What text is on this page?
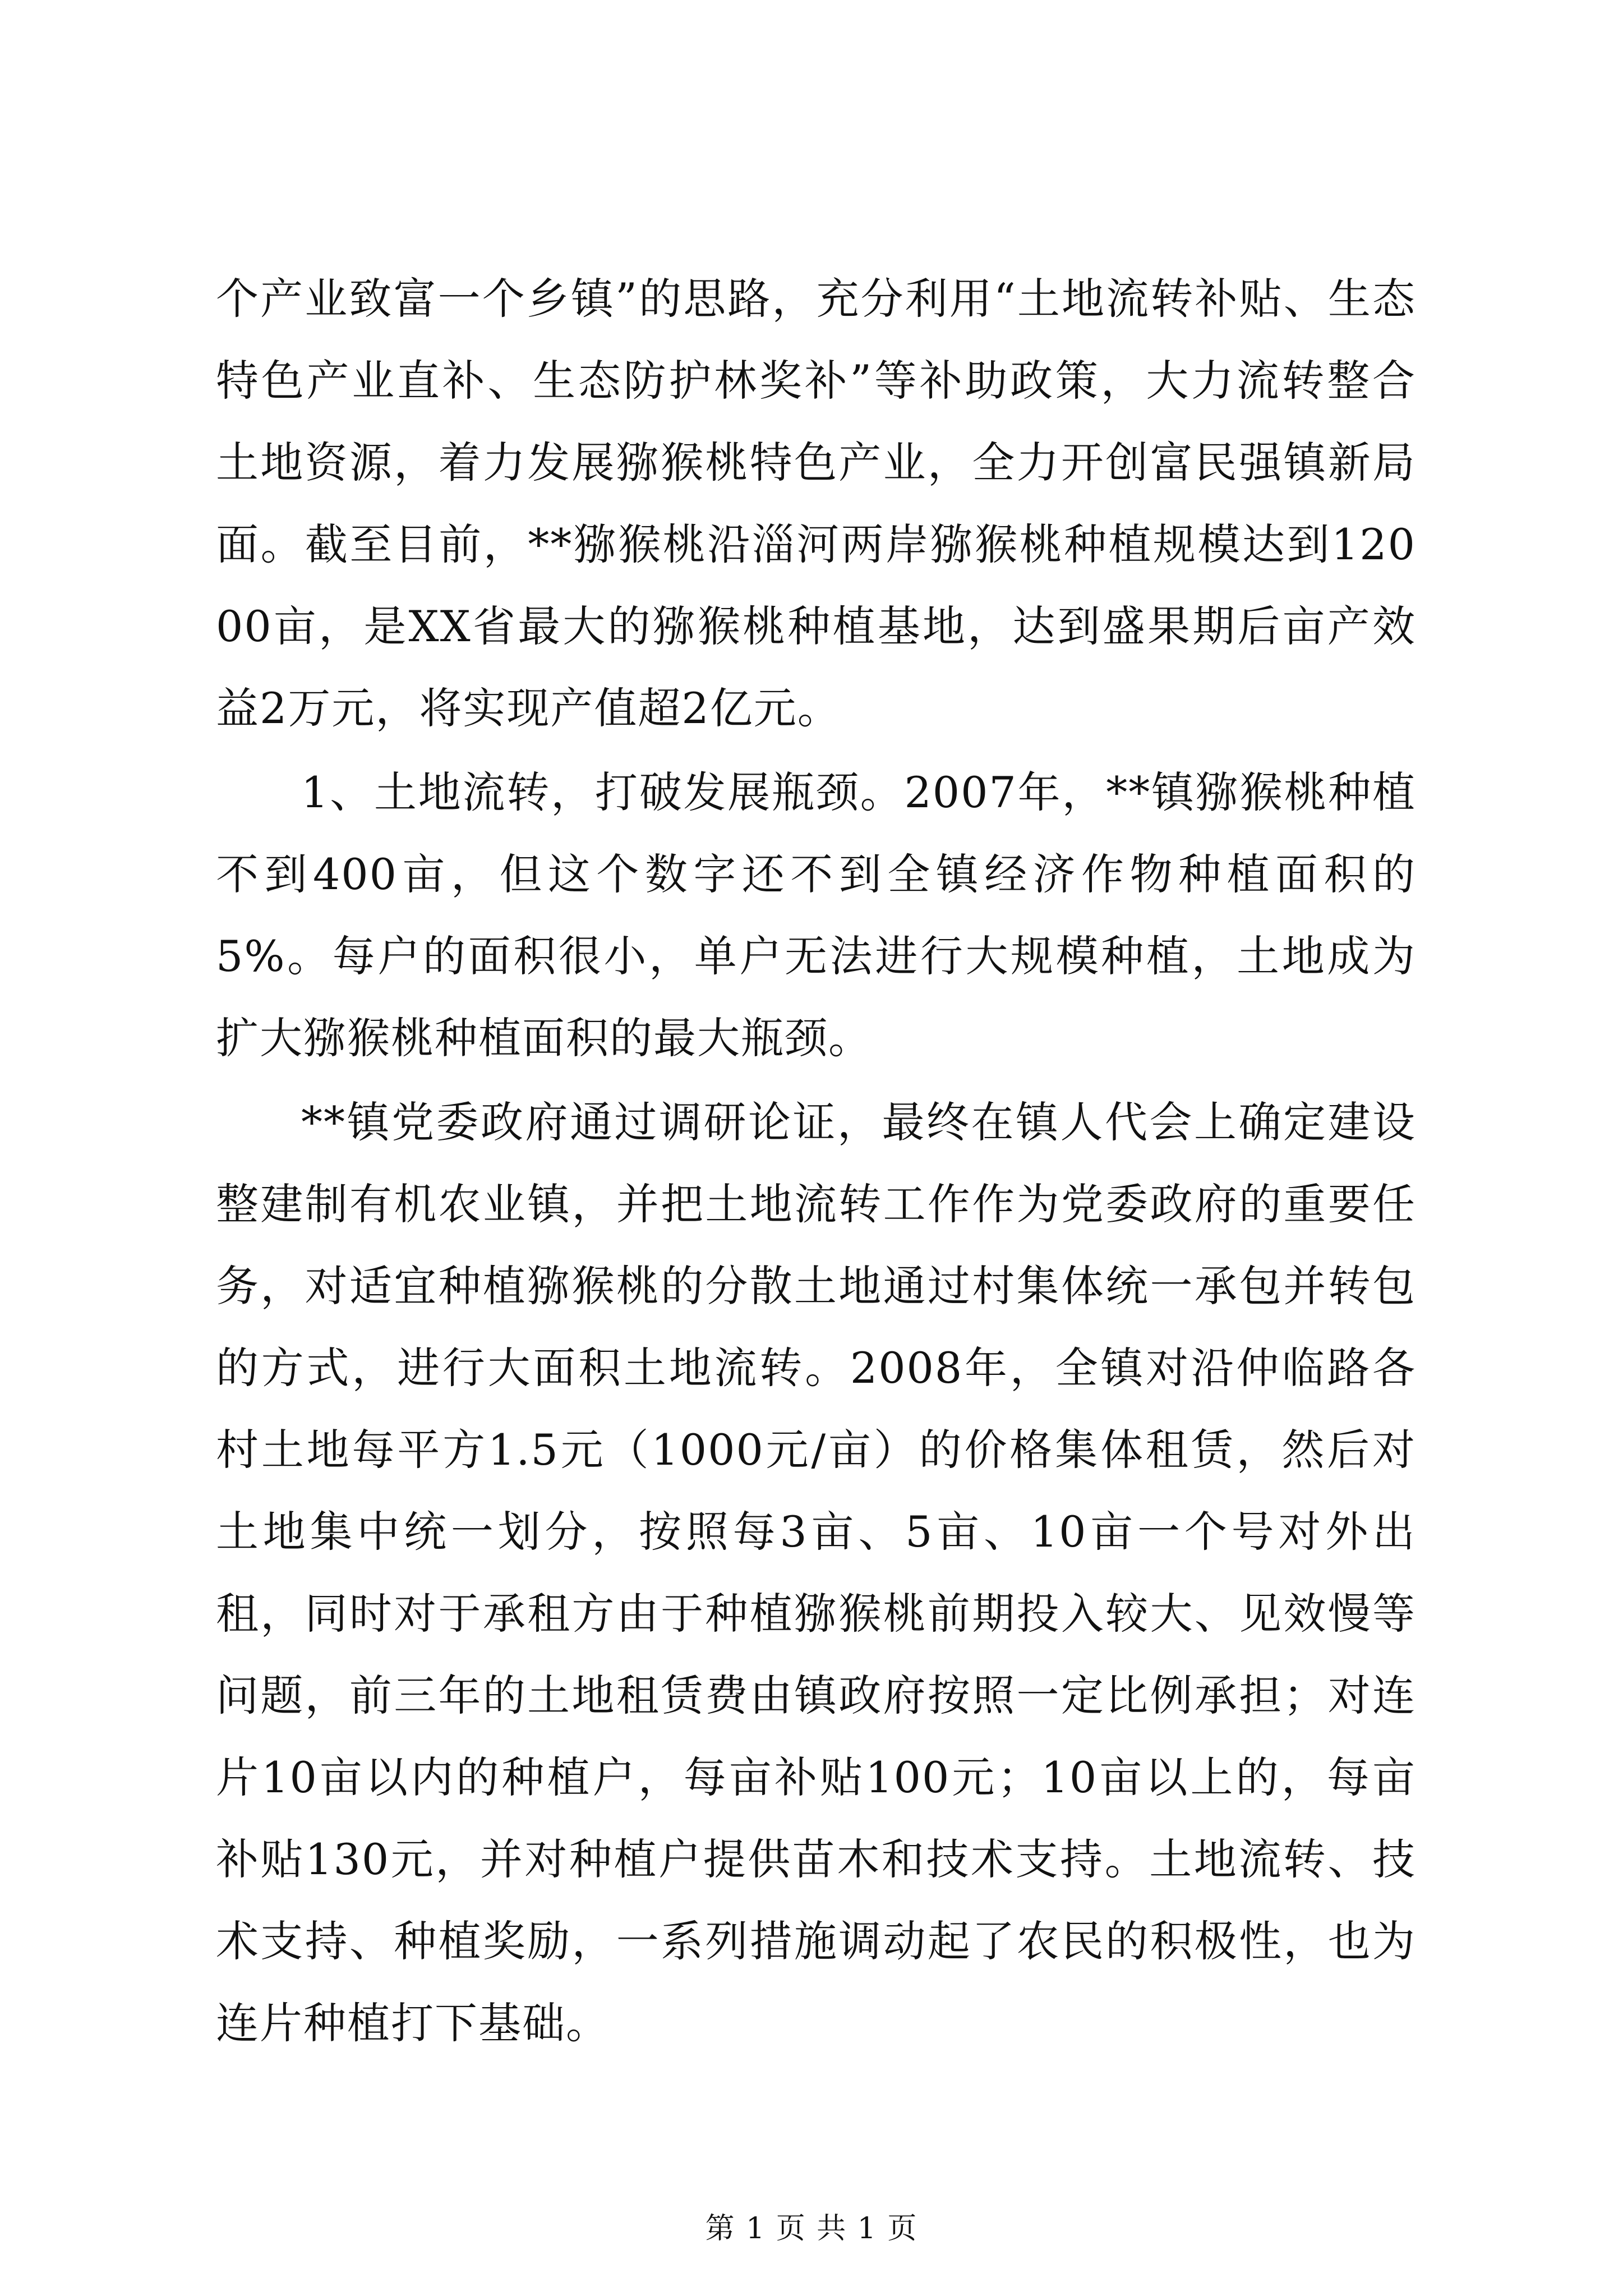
个产业致富一个乡镇”的思路，充分利用“土地流转补贴、生态特色产业直补、生态防护林奖补”等补助政策，大力流转整合土地资源，着力发展猕猴桃特色产业，全力开创富民强镇新局面。截至目前，**猕猴桃沿淄河两岸猕猴桃种植规模达到12000亩，是XX省最大的猕猴桃种植基地，达到盛果期后亩产效益2万元，将实现产值超2亿元。

1、土地流转，打破发展瓶颈。2007年，**镇猕猴桃种植不到400亩，但这个数字还不到全镇经济作物种植面积的5%。每户的面积很小，单户无法进行大规模种植，土地成为扩大猕猴桃种植面积的最大瓶颈。

**镇党委政府通过调研论证，最终在镇人代会上确定建设整建制有机农业镇，并把土地流转工作作为党委政府的重要任务，对适宜种植猕猴桃的分散土地通过村集体统一承包并转包的方式，进行大面积土地流转。2008年，全镇对沿仲临路各村土地每平方1.5元（1000元/亩）的价格集体租赁，然后对土地集中统一划分，按照每3亩、5亩、10亩一个号对外出租，同时对于承租方由于种植猕猴桃前期投入较大、见效慢等问题，前三年的土地租赁费由镇政府按照一定比例承担；对连片10亩以内的种植户，每亩补贴100元；10亩以上的，每亩补贴130元，并对种植户提供苗木和技术支持。土地流转、技术支持、种植奖励，一系列措施调动起了农民的积极性，也为连片种植打下基础。

第 1 页 共 1 页
